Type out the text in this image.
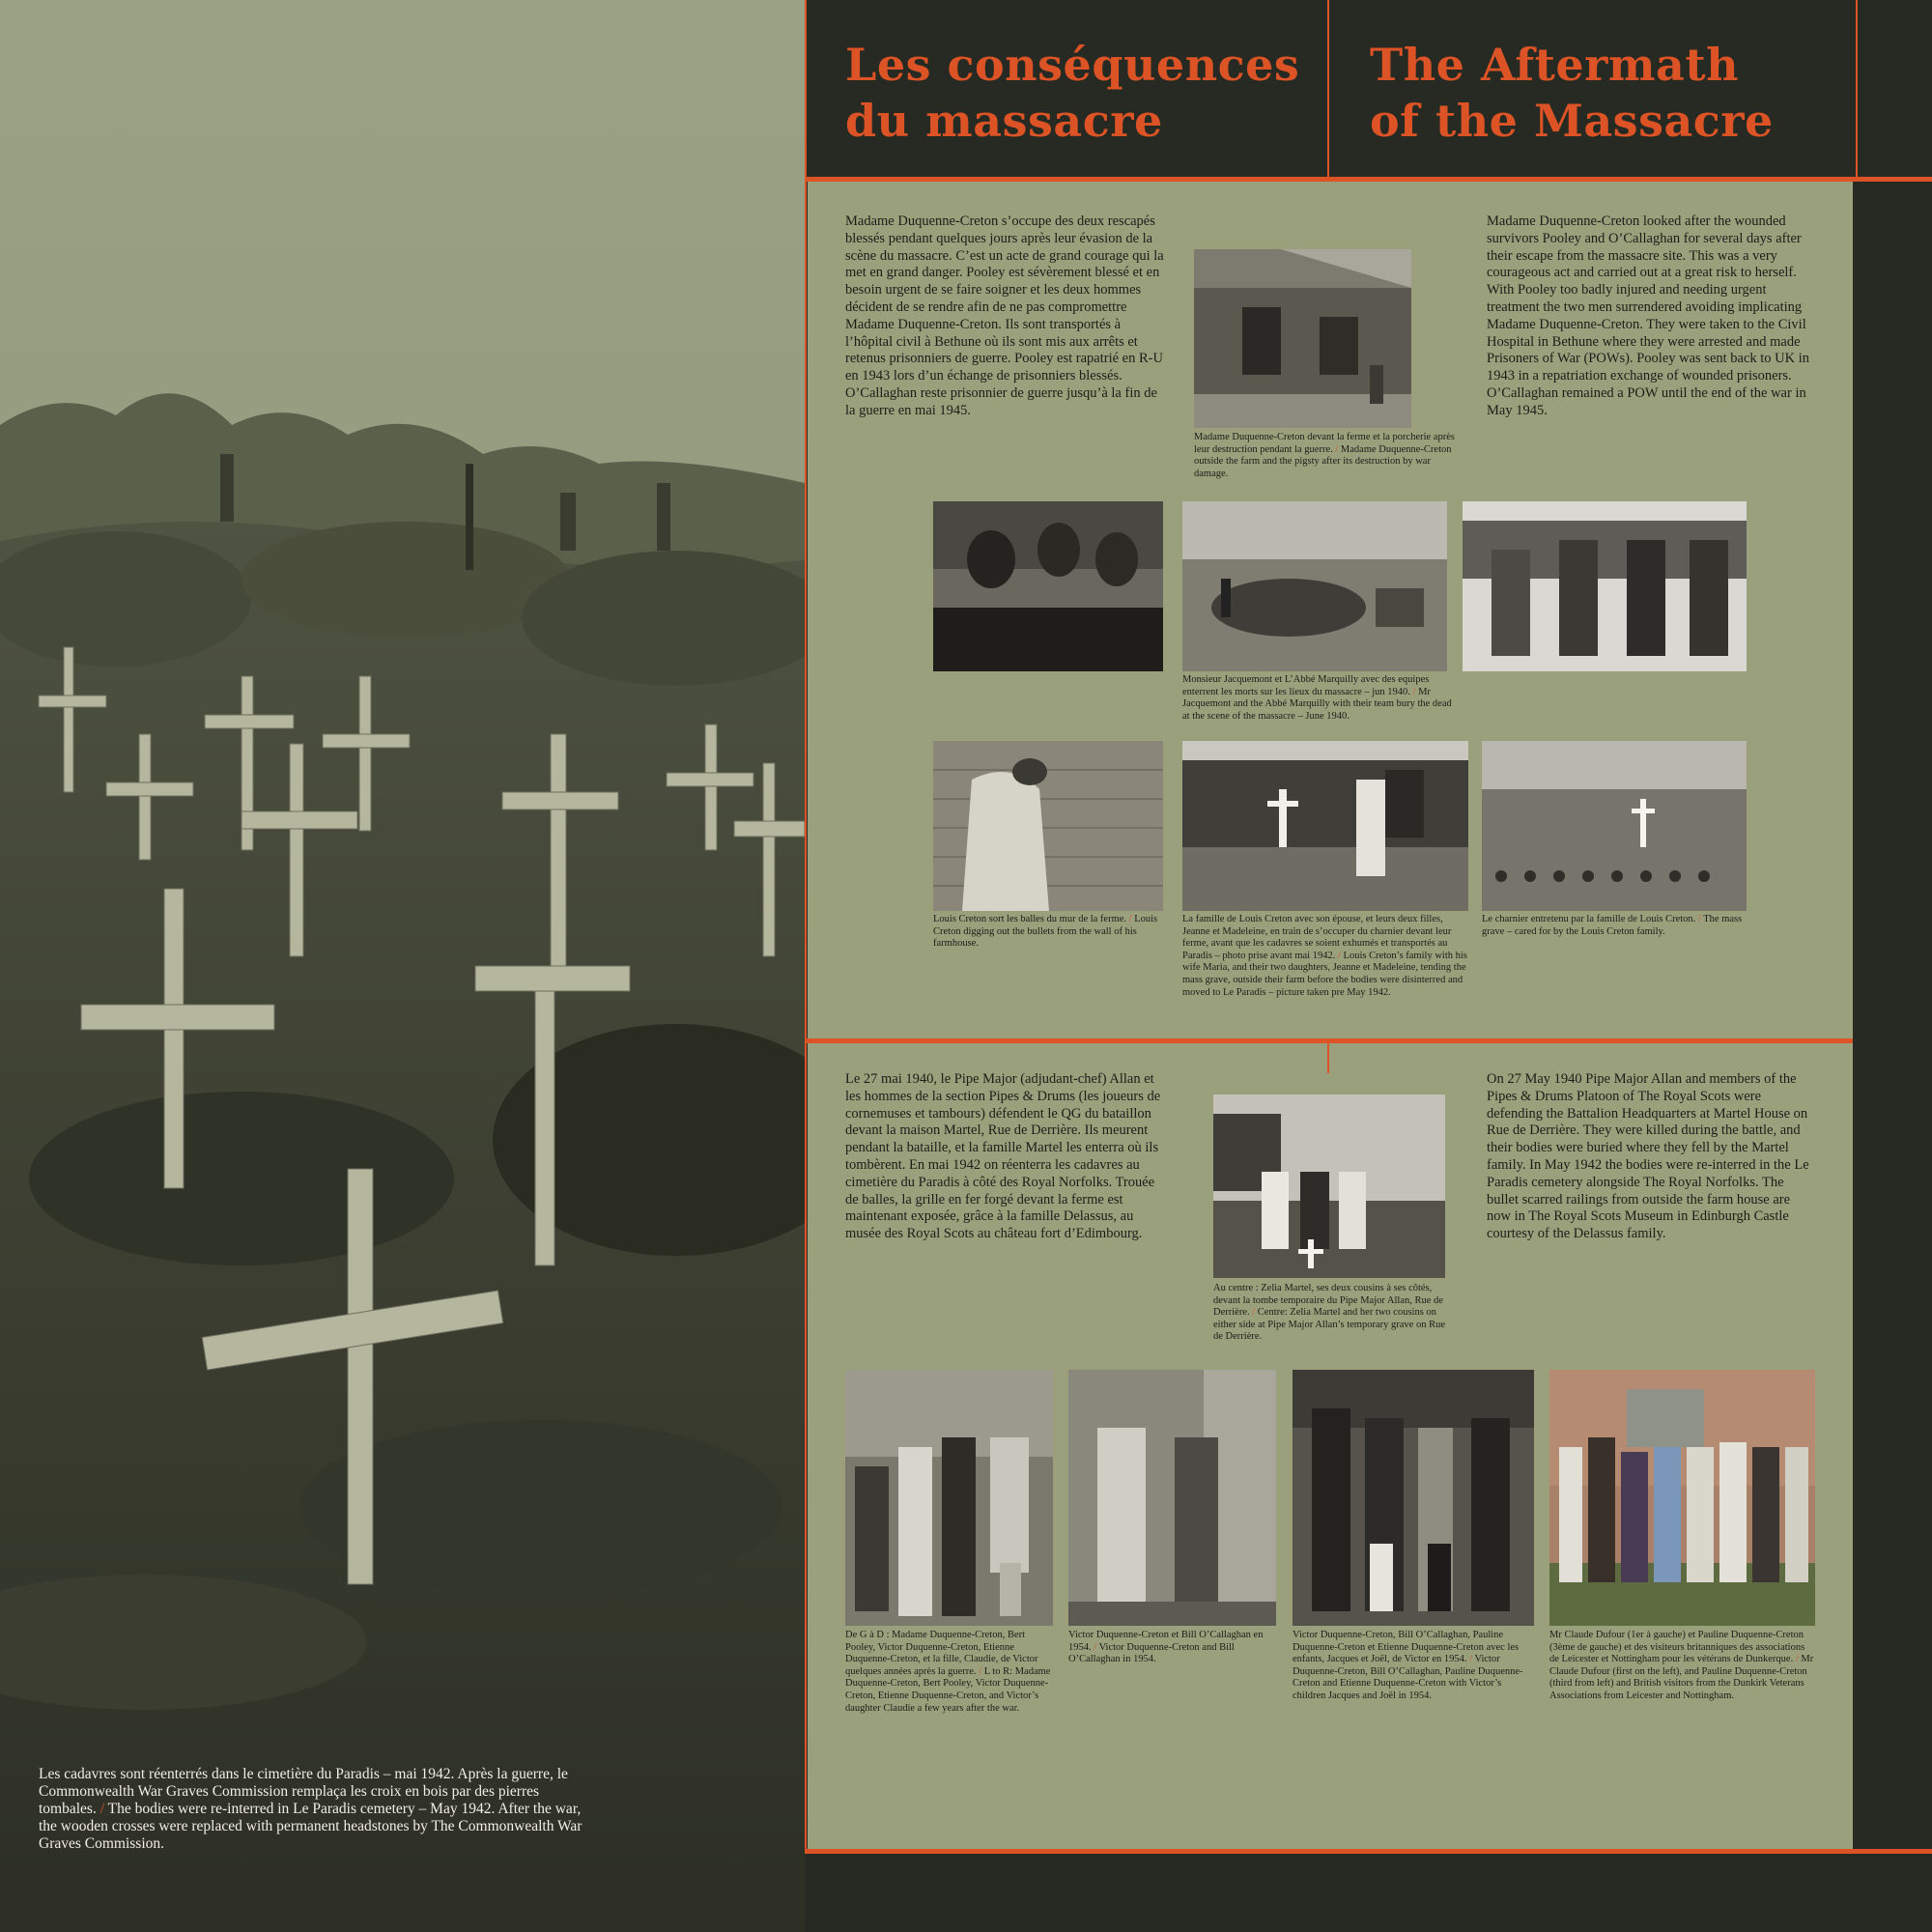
Les cadavres sont réenterrés dans le cimetière du Paradis – mai 1942. Après la guerre, le Commonwealth War Graves Commission remplaça les croix en bois par des pierres tombales. / The bodies were re-interred in Le Paradis cemetery – May 1942. After the war, the wooden crosses were replaced with permanent headstones by The Commonwealth War Graves Commission.
Les conséquences
du massacre
The Aftermath
of the Massacre
Madame Duquenne-Creton s’occupe des deux rescapés blessés pendant quelques jours après leur évasion de la scène du massacre. C’est un acte de grand courage qui la met en grand danger. Pooley est sévèrement blessé et en besoin urgent de se faire soigner et les deux hommes décident de se rendre afin de ne pas compromettre Madame Duquenne-Creton. Ils sont transportés à l’hôpital civil à Bethune où ils sont mis aux arrêts et retenus prisonniers de guerre. Pooley est rapatrié en R-U en 1943 lors d’un échange de prisonniers blessés. O’Callaghan reste prisonnier de guerre jusqu’à la fin de la guerre en mai 1945.
Madame Duquenne-Creton looked after the wounded survivors Pooley and O’Callaghan for several days after their escape from the massacre site. This was a very courageous act and carried out at a great risk to herself. With Pooley too badly injured and needing urgent treatment the two men surrendered avoiding implicating Madame Duquenne-Creton. They were taken to the Civil Hospital in Bethune where they were arrested and made Prisoners of War (POWs). Pooley was sent back to UK in 1943 in a repatriation exchange of wounded prisoners. O’Callaghan remained a POW until the end of the war in May 1945.
Madame Duquenne-Creton devant la ferme et la porcherie après leur destruction pendant la guerre. / Madame Duquenne-Creton outside the farm and the pigsty after its destruction by war damage.
Monsieur Jacquemont et L’Abbé Marquilly avec des equipes enterrent les morts sur les lieux du massacre – jun 1940. / Mr Jacquemont and the Abbé Marquilly with their team bury the dead at the scene of the massacre – June 1940.
Louis Creton sort les balles du mur de la ferme. / Louis Creton digging out the bullets from the wall of his farmhouse.
La famille de Louis Creton avec son épouse, et leurs deux filles, Jeanne et Madeleine, en train de s’occuper du charnier devant leur ferme, avant que les cadavres se soient exhumés et transportés au Paradis – photo prise avant mai 1942. / Louis Creton’s family with his wife Maria, and their two daughters, Jeanne et Madeleine, tending the mass grave, outside their farm before the bodies were disinterred and moved to Le Paradis – picture taken pre May 1942.
Le charnier entretenu par la famille de Louis Creton. / The mass grave – cared for by the Louis Creton family.
Le 27 mai 1940, le Pipe Major (adjudant-chef) Allan et les hommes de la section Pipes & Drums (les joueurs de cornemuses et tambours) défendent le QG du bataillon devant la maison Martel, Rue de Derrière. Ils meurent pendant la bataille, et la famille Martel les enterra où ils tombèrent. En mai 1942 on réenterra les cadavres au cimetière du Paradis à côté des Royal Norfolks. Trouée de balles, la grille en fer forgé devant la ferme est maintenant exposée, grâce à la famille Delassus, au musée des Royal Scots au château fort d’Edimbourg.
On 27 May 1940 Pipe Major Allan and members of the Pipes & Drums Platoon of The Royal Scots were defending the Battalion Headquarters at Martel House on Rue de Derrière. They were killed during the battle, and their bodies were buried where they fell by the Martel family. In May 1942 the bodies were re-interred in the Le Paradis cemetery alongside The Royal Norfolks. The bullet scarred railings from outside the farm house are now in The Royal Scots Museum in Edinburgh Castle courtesy of the Delassus family.
Au centre : Zelia Martel, ses deux cousins à ses côtés, devant la tombe temporaire du Pipe Major Allan, Rue de Derrière. / Centre: Zelia Martel and her two cousins on either side at Pipe Major Allan’s temporary grave on Rue de Derrière.
De G à D : Madame Duquenne-Creton, Bert Pooley, Victor Duquenne-Creton, Etienne Duquenne-Creton, et la fille, Claudie, de Victor quelques années après la guerre. / L to R: Madame Duquenne-Creton, Bert Pooley, Victor Duquenne-Creton, Etienne Duquenne-Creton, and Victor’s daughter Claudie a few years after the war.
Victor Duquenne-Creton et Bill O’Callaghan en 1954. / Victor Duquenne-Creton and Bill O’Callaghan in 1954.
Victor Duquenne-Creton, Bill O’Callaghan, Pauline Duquenne-Creton et Etienne Duquenne-Creton avec les enfants, Jacques et Joël, de Victor en 1954. / Victor Duquenne-Creton, Bill O’Callaghan, Pauline Duquenne-Creton and Etienne Duquenne-Creton with Victor’s children Jacques and Joël in 1954.
Mr Claude Dufour (1er à gauche) et Pauline Duquenne-Creton (3ème de gauche) et des visiteurs britanniques des associations de Leicester et Nottingham pour les vétérans de Dunkerque. / Mr Claude Dufour (first on the left), and Pauline Duquenne-Creton (third from left) and British visitors from the Dunkirk Veterans Associations from Leicester and Nottingham.
